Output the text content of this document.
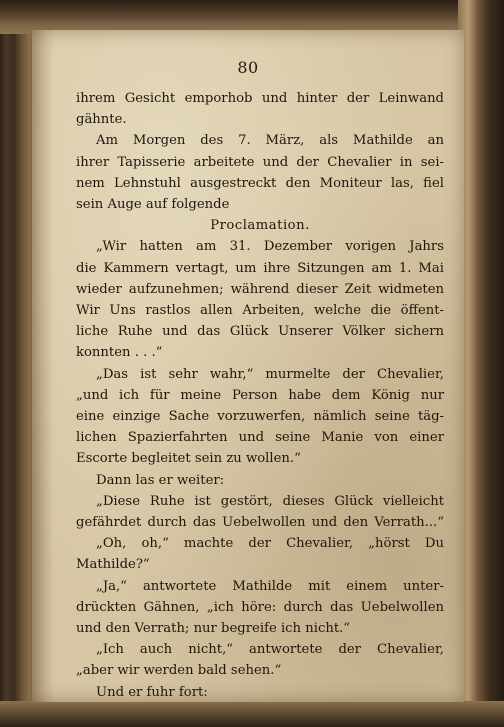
80
ihrem Gesicht emporhob und hinter der Leinwand
gähnte.
Am Morgen des 7. März, als Mathilde an
ihrer Tapisserie arbeitete und der Chevalier in sei-
nem Lehnstuhl ausgestreckt den Moniteur las, fiel
sein Auge auf folgende
Proclamation.
„Wir hatten am 31. Dezember vorigen Jahrs
die Kammern vertagt, um ihre Sitzungen am 1. Mai
wieder aufzunehmen; während dieser Zeit widmeten
Wir Uns rastlos allen Arbeiten, welche die öffent-
liche Ruhe und das Glück Unserer Völker sichern
konnten . . .“
„Das ist sehr wahr,“ murmelte der Chevalier,
„und ich für meine Person habe dem König nur
eine einzige Sache vorzuwerfen, nämlich seine täg-
lichen Spazierfahrten und seine Manie von einer
Escorte begleitet sein zu wollen.“
Dann las er weiter:
„Diese Ruhe ist gestört, dieses Glück vielleicht
gefährdet durch das Uebelwollen und den Verrath...“
„Oh, oh,“ machte der Chevalier, „hörst Du
Mathilde?“
„Ja,“ antwortete Mathilde mit einem unter-
drückten Gähnen, „ich höre: durch das Uebelwollen
und den Verrath; nur begreife ich nicht.“
„Ich auch nicht,“ antwortete der Chevalier,
„aber wir werden bald sehen.“
Und er fuhr fort:
